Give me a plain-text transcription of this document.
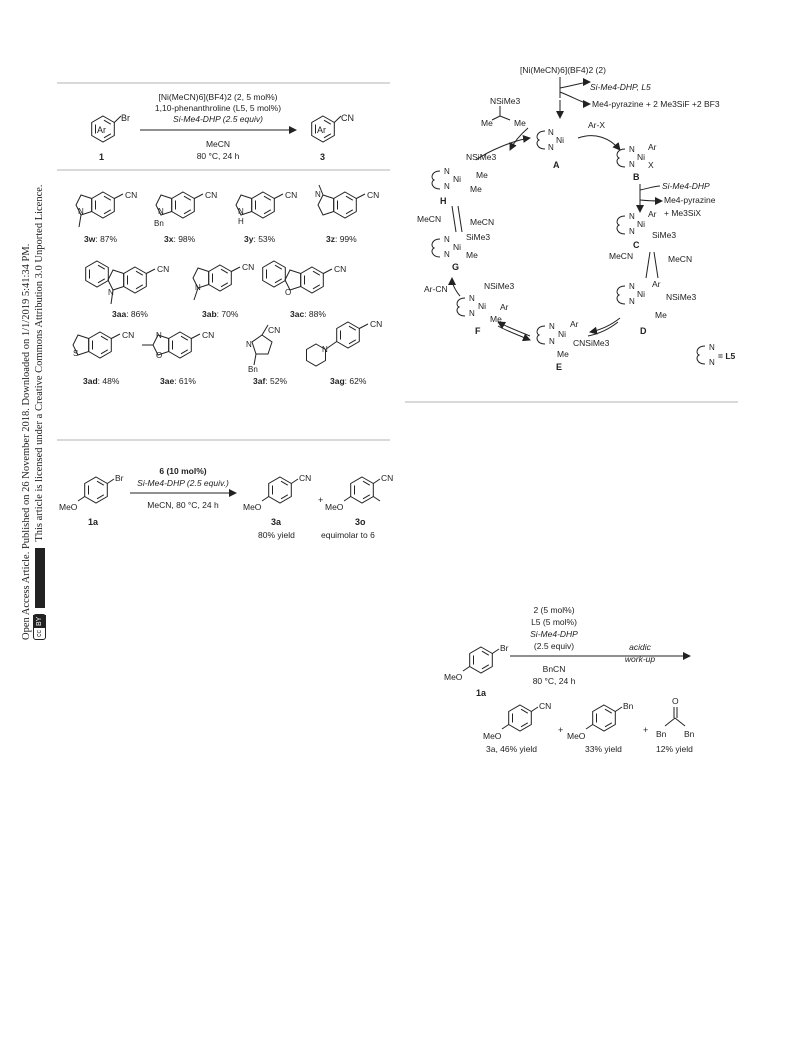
Open Access Article. Published on 26 November 2018. Downloaded on 1/1/2019 5:41:34 PM. cc
BY
This article is licensed under a Creative Commons Attribution 3.0 Unported Licence.
Ar
Br
1
[Ni(MeCN)6](BF4)2 (2, 5 mol%)
1,10-phenanthroline (L5, 5 mol%)
Si-Me4-DHP (2.5 equiv)
MeCN
80 °C, 24 h
Ar
CN
3
CN
N
3w: 87%
CN
N
Bn
3x: 98%
CN
N
H
3y: 53%
CN
N
3z: 99%
CN
N
3aa: 86%
CN
N
3ab: 70%
CN
O
3ac: 88%
CN
S
3ad: 48%
CN
N
O
3ae: 61%
CN
N
Bn
3af: 52%
CN
N
3ag: 62%
[Ni(MeCN)6](BF4)2 (2)
Si-Me4-DHP, L5
Me4-pyrazine + 2 Me3SiF +2 BF3
N
N
Ni
A
NSiMe3
Me Me	Ar-X
N
N
Ni
Ar
X
B
Si-Me4-DHP
Me4-pyrazine
+ Me3SiX
N
N
Ni
Ar
SiMe3
C
MeCN	MeCN
N
N
Ni
Ar
NSiMe3
Me
D
N
N
Ni
Ar
CNSiMe3
Me
E
N
N
Ni
NSiMe3
Ar
Me
F
Ar-CN
N
N
Ni
SiMe3
Me
G
MeCN	MeCN
N
N
Ni
NSiMe3
Me
Me
H
N
N
= L5
Br
MeO
1a
6 (10 mol%)
Si-Me4-DHP (2.5 equiv.)
MeCN, 80 °C, 24 h
CN
MeO
3a
80% yield
+
CN
MeO
3o
equimolar to 6
2 (5 mol%)
L5 (5 mol%)
Si-Me4-DHP
(2.5 equiv)
BnCN
80 °C, 24 h
acidic
work-up
Br
MeO
1a
CN
MeO
3a, 46% yield
+
Bn
MeO
33% yield
+
O
Bn Bn
12% yield
